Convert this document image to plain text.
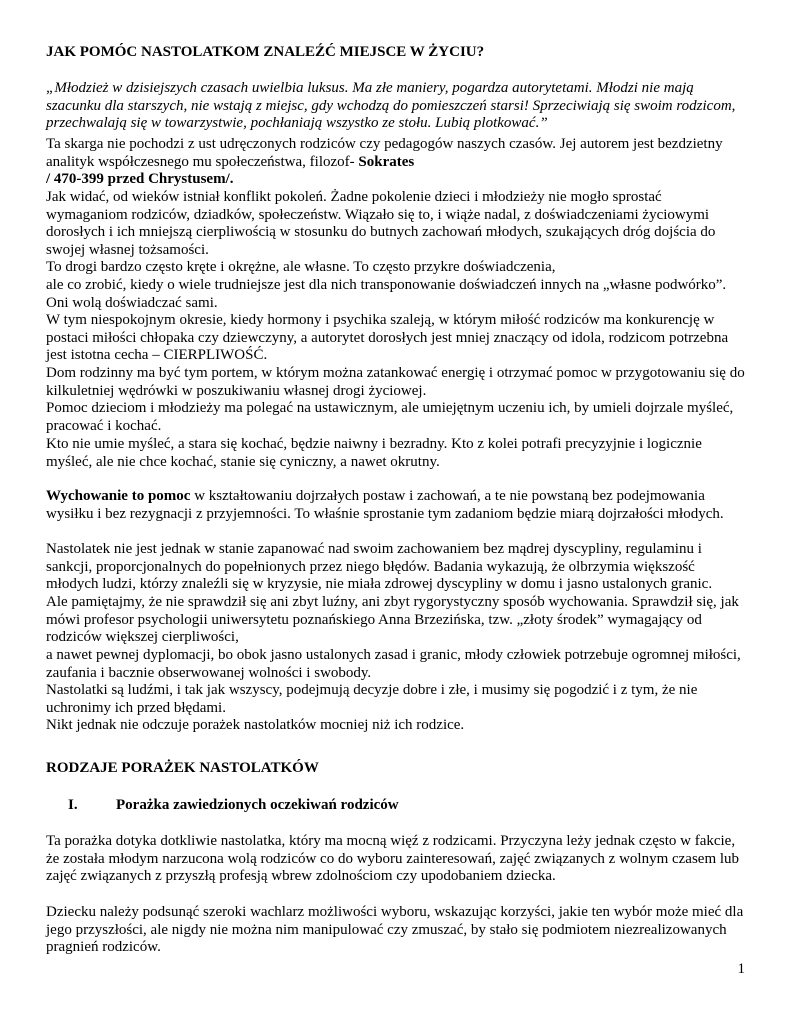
JAK POMÓC NASTOLATKOM ZNALEŹĆ MIEJSCE W ŻYCIU?

„Młodzież w dzisiejszych czasach uwielbia luksus. Ma złe maniery, pogardza autorytetami. Młodzi nie mają szacunku dla starszych, nie wstają z miejsc, gdy wchodzą do pomieszczeń starsi! Sprzeciwiają się swoim rodzicom, przechwalają się w towarzystwie, pochłaniają wszystko ze stołu. Lubią plotkować.”

Ta skarga nie pochodzi z ust udręczonych rodziców czy pedagogów naszych czasów. Jej autorem jest bezdzietny analityk współczesnego mu społeczeństwa, filozof- Sokrates

/ 470-399 przed Chrystusem/.

Jak widać, od wieków istniał konflikt pokoleń. Żadne pokolenie dzieci i młodzieży nie mogło sprostać wymaganiom rodziców, dziadków, społeczeństw. Wiązało się to, i wiąże nadal, z doświadczeniami życiowymi dorosłych i ich mniejszą cierpliwością w stosunku do butnych zachowań młodych, szukających dróg dojścia do swojej własnej tożsamości.

To drogi bardzo często kręte i okrężne, ale własne. To często przykre doświadczenia,

ale co zrobić, kiedy o wiele trudniejsze jest dla nich transponowanie doświadczeń innych na „własne podwórko”. Oni wolą doświadczać sami.

W tym niespokojnym okresie, kiedy hormony i psychika szaleją, w którym miłość rodziców ma konkurencję w postaci miłości chłopaka czy dziewczyny, a autorytet dorosłych jest mniej znaczący od idola, rodzicom potrzebna jest istotna cecha – CIERPLIWOŚĆ.

Dom rodzinny ma być tym portem, w którym można zatankować energię i otrzymać pomoc w przygotowaniu się do kilkuletniej wędrówki w poszukiwaniu własnej drogi życiowej.

Pomoc dzieciom i młodzieży ma polegać na ustawicznym, ale umiejętnym uczeniu ich, by umieli dojrzale myśleć, pracować i kochać.

Kto nie umie myśleć, a stara się kochać, będzie naiwny i bezradny. Kto z kolei potrafi precyzyjnie i logicznie myśleć, ale nie chce kochać, stanie się cyniczny, a nawet okrutny.

Wychowanie to pomoc w kształtowaniu dojrzałych postaw i zachowań, a te nie powstaną bez podejmowania wysiłku i bez rezygnacji z przyjemności. To właśnie sprostanie tym zadaniom będzie miarą dojrzałości młodych.

Nastolatek nie jest jednak w stanie zapanować nad swoim zachowaniem bez mądrej dyscypliny, regulaminu i sankcji, proporcjonalnych do popełnionych przez niego błędów. Badania wykazują, że olbrzymia większość młodych ludzi, którzy znaleźli się w kryzysie, nie miała zdrowej dyscypliny w domu i jasno ustalonych granic.

Ale pamiętajmy, że nie sprawdził się ani zbyt luźny, ani zbyt rygorystyczny sposób wychowania. Sprawdził się, jak mówi profesor psychologii uniwersytetu poznańskiego Anna Brzezińska, tzw. „złoty środek” wymagający od rodziców większej cierpliwości,

a nawet pewnej dyplomacji, bo obok jasno ustalonych zasad i granic, młody człowiek potrzebuje ogromnej miłości, zaufania i bacznie obserwowanej wolności i swobody.

Nastolatki są ludźmi, i tak jak wszyscy, podejmują decyzje dobre i złe, i musimy się pogodzić i z tym, że nie uchronimy ich przed błędami.

Nikt jednak nie odczuje porażek nastolatków mocniej niż ich rodzice.

RODZAJE PORAŻEK NASTOLATKÓW

I.	Porażka zawiedzionych oczekiwań rodziców

Ta porażka dotyka dotkliwie nastolatka, który ma mocną więź z rodzicami. Przyczyna leży jednak często w fakcie, że została młodym narzucona wolą rodziców co do wyboru zainteresowań, zajęć związanych z wolnym czasem lub zajęć związanych z przyszłą profesją wbrew zdolnościom czy upodobaniem dziecka.

Dziecku należy podsunąć szeroki wachlarz możliwości wyboru, wskazując korzyści, jakie ten wybór może mieć dla jego przyszłości, ale nigdy nie można nim manipulować czy zmuszać, by stało się podmiotem niezrealizowanych pragnień rodziców.

1
